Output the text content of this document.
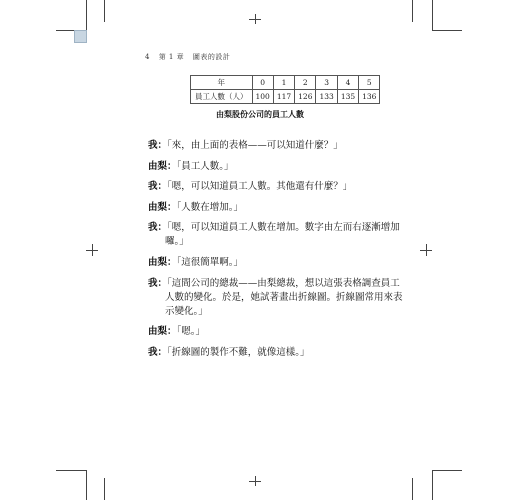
4 第 1 章 圖表的設計
年	0	1	2	3	4	5
員工人數（人）	100	117	126	133	135	136
由梨股份公司的員工人數
我：「來，由上面的表格——可以知道什麼？」
由梨：「員工人數。」
我：「嗯，可以知道員工人數。其他還有什麼？」
由梨：「人數在增加。」
我：「嗯，可以知道員工人數在增加。數字由左而右逐漸增加
囉。」
由梨：「這很簡單啊。」
我：「這間公司的總裁——由梨總裁，想以這張表格調查員工
人數的變化。於是，她試著畫出折線圖。折線圖常用來表
示變化。」
由梨：「嗯。」
我：「折線圖的製作不難，就像這樣。」
